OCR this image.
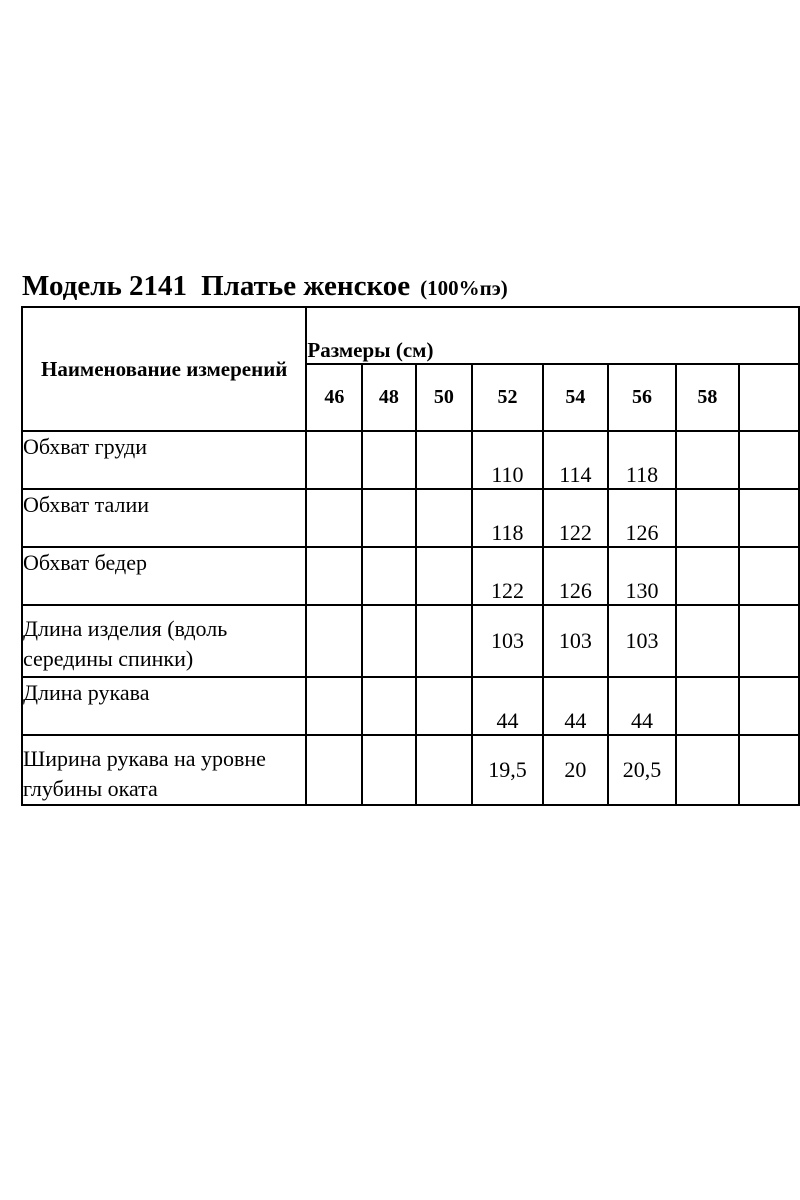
Модель 2141 Платье женское (100%пэ)
Наименование измерений	Размеры (см)							
	46	48	50	52	54	56	58	
Обхват груди				110	114	118		
Обхват талии				118	122	126		
Обхват бедер				122	126	130		
Длина изделия (вдоль середины спинки)				103	103	103		
Длина рукава				44	44	44		
Ширина рукава на уровне глубины оката				19,5	20	20,5		
